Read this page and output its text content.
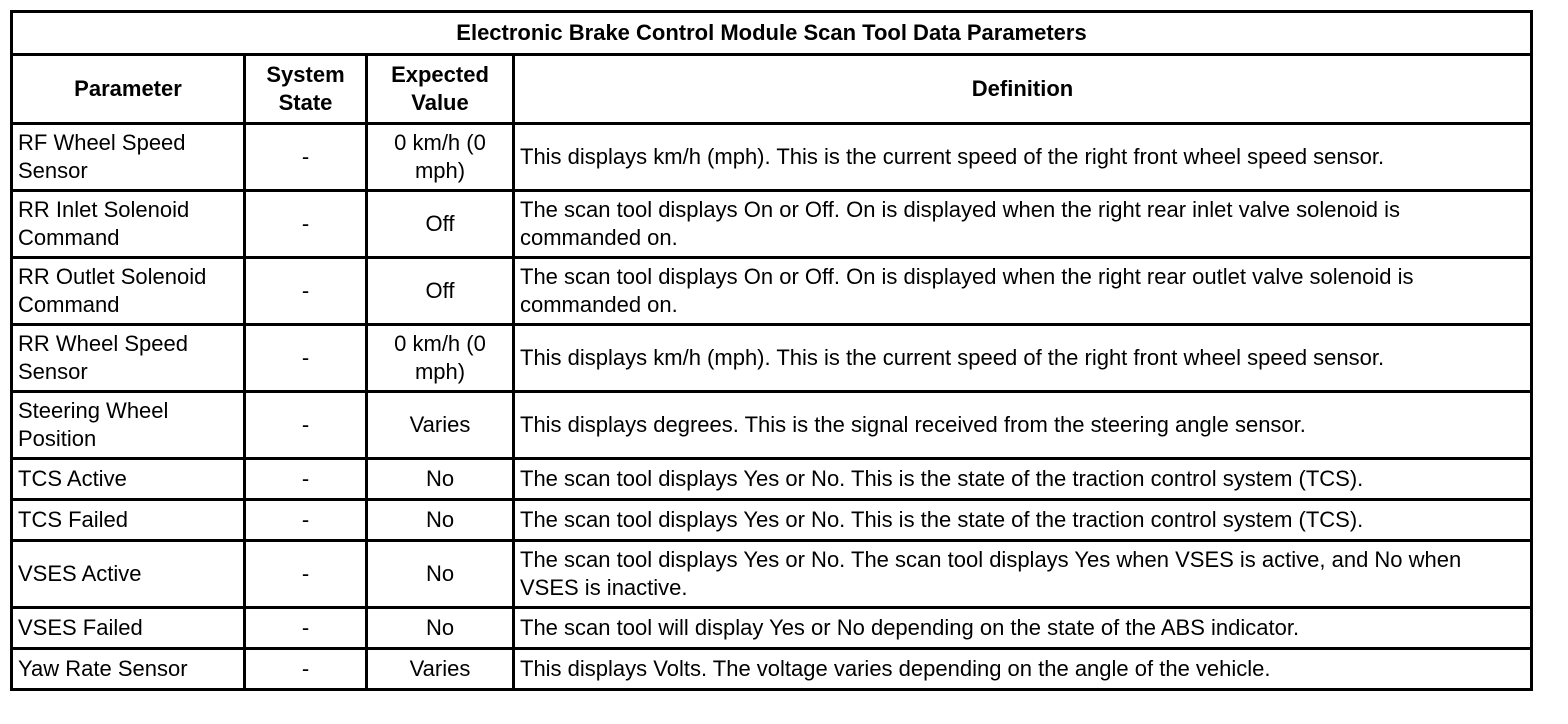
Electronic Brake Control Module Scan Tool Data Parameters			
Parameter	System State	Expected Value	Definition
RF Wheel Speed Sensor	-	0 km/h (0 mph)	This displays km/h (mph). This is the current speed of the right front wheel speed sensor.
RR Inlet Solenoid Command	-	Off	The scan tool displays On or Off. On is displayed when the right rear inlet valve solenoid is commanded on.
RR Outlet Solenoid Command	-	Off	The scan tool displays On or Off. On is displayed when the right rear outlet valve solenoid is commanded on.
RR Wheel Speed Sensor	-	0 km/h (0 mph)	This displays km/h (mph). This is the current speed of the right front wheel speed sensor.
Steering Wheel Position	-	Varies	This displays degrees. This is the signal received from the steering angle sensor.
TCS Active	-	No	The scan tool displays Yes or No. This is the state of the traction control system (TCS).
TCS Failed	-	No	The scan tool displays Yes or No. This is the state of the traction control system (TCS).
VSES Active	-	No	The scan tool displays Yes or No. The scan tool displays Yes when VSES is active, and No when VSES is inactive.
VSES Failed	-	No	The scan tool will display Yes or No depending on the state of the ABS indicator.
Yaw Rate Sensor	-	Varies	This displays Volts. The voltage varies depending on the angle of the vehicle.
